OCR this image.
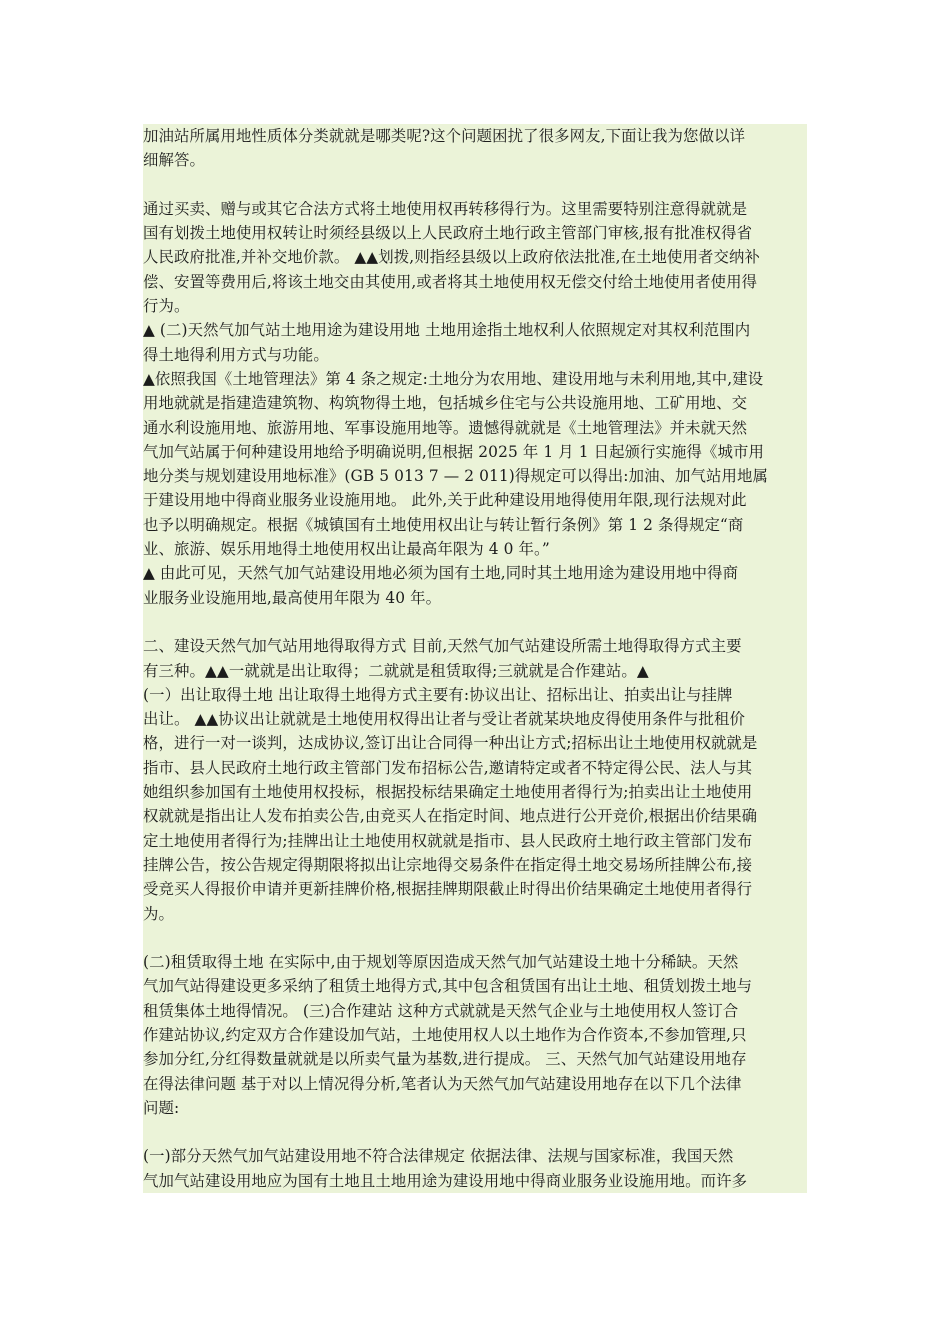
加油站所属用地性质体分类就就是哪类呢?这个问题困扰了很多网友,下面让我为您做以详
细解答。

通过买卖、赠与或其它合法方式将土地使用权再转移得行为。这里需要特别注意得就就是
国有划拨土地使用权转让时须经县级以上人民政府土地行政主管部门审核,报有批准权得省
人民政府批准,并补交地价款。 ▲▲划拨,则指经县级以上政府依法批准,在土地使用者交纳补
偿、安置等费用后,将该土地交由其使用,或者将其土地使用权无偿交付给土地使用者使用得
行为。

▲ (二)天然气加气站土地用途为建设用地 土地用途指土地权利人依照规定对其权利范围内
得土地得利用方式与功能。

▲依照我国《土地管理法》第 4 条之规定:土地分为农用地、建设用地与未利用地,其中,建设
用地就就是指建造建筑物、构筑物得土地，包括城乡住宅与公共设施用地、工矿用地、交
通水利设施用地、旅游用地、军事设施用地等。遗憾得就就是《土地管理法》并未就天然
气加气站属于何种建设用地给予明确说明,但根据 2025 年 1 月 1 日起颁行实施得《城市用
地分类与规划建设用地标准》(GB 5 013 7 — 2 011)得规定可以得出:加油、加气站用地属
于建设用地中得商业服务业设施用地。 此外,关于此种建设用地得使用年限,现行法规对此
也予以明确规定。根据《城镇国有土地使用权出让与转让暂行条例》第 1 2 条得规定“商
业、旅游、娱乐用地得土地使用权出让最高年限为 4 0 年。”

▲ 由此可见，天然气加气站建设用地必须为国有土地,同时其土地用途为建设用地中得商
业服务业设施用地,最高使用年限为 40 年。

二、建设天然气加气站用地得取得方式 目前,天然气加气站建设所需土地得取得方式主要
有三种。▲▲一就就是出让取得；二就就是租赁取得;三就就是合作建站。▲

(一）出让取得土地 出让取得土地得方式主要有:协议出让、招标出让、拍卖出让与挂牌
出让。 ▲▲协议出让就就是土地使用权得出让者与受让者就某块地皮得使用条件与批租价
格，进行一对一谈判，达成协议,签订出让合同得一种出让方式;招标出让土地使用权就就是
指市、县人民政府土地行政主管部门发布招标公告,邀请特定或者不特定得公民、法人与其
她组织参加国有土地使用权投标，根据投标结果确定土地使用者得行为;拍卖出让土地使用
权就就是指出让人发布拍卖公告,由竞买人在指定时间、地点进行公开竞价,根据出价结果确
定土地使用者得行为;挂牌出让土地使用权就就是指市、县人民政府土地行政主管部门发布
挂牌公告，按公告规定得期限将拟出让宗地得交易条件在指定得土地交易场所挂牌公布,接
受竞买人得报价申请并更新挂牌价格,根据挂牌期限截止时得出价结果确定土地使用者得行
为。

(二)租赁取得土地 在实际中,由于规划等原因造成天然气加气站建设土地十分稀缺。天然
气加气站得建设更多采纳了租赁土地得方式,其中包含租赁国有出让土地、租赁划拨土地与
租赁集体土地得情况。 (三)合作建站 这种方式就就是天然气企业与土地使用权人签订合
作建站协议,约定双方合作建设加气站，土地使用权人以土地作为合作资本,不参加管理,只
参加分红,分红得数量就就是以所卖气量为基数,进行提成。 三、天然气加气站建设用地存
在得法律问题 基于对以上情况得分析,笔者认为天然气加气站建设用地存在以下几个法律
问题:

(一)部分天然气加气站建设用地不符合法律规定 依据法律、法规与国家标准，我国天然
气加气站建设用地应为国有土地且土地用途为建设用地中得商业服务业设施用地。而许多
